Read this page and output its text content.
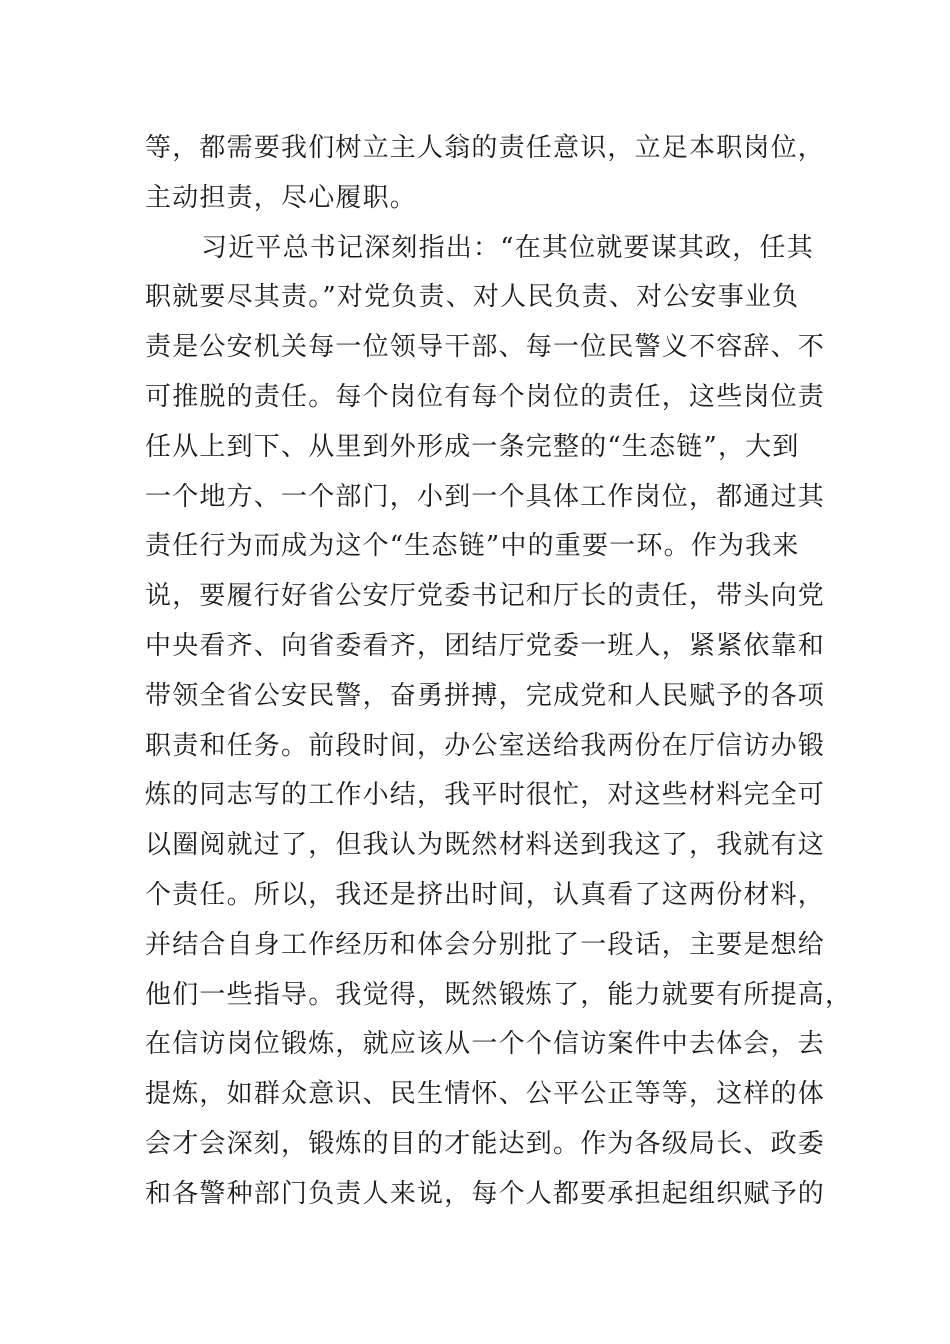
等，都需要我们树立主人翁的责任意识，立足本职岗位，
主动担责，尽心履职。
习近平总书记深刻指出：“在其位就要谋其政，任其
职就要尽其责。”对党负责、对人民负责、对公安事业负
责是公安机关每一位领导干部、每一位民警义不容辞、不
可推脱的责任。每个岗位有每个岗位的责任，这些岗位责
任从上到下、从里到外形成一条完整的“生态链”，大到
一个地方、一个部门，小到一个具体工作岗位，都通过其
责任行为而成为这个“生态链”中的重要一环。作为我来
说，要履行好省公安厅党委书记和厅长的责任，带头向党
中央看齐、向省委看齐，团结厅党委一班人，紧紧依靠和
带领全省公安民警，奋勇拼搏，完成党和人民赋予的各项
职责和任务。前段时间，办公室送给我两份在厅信访办锻
炼的同志写的工作小结，我平时很忙，对这些材料完全可
以圈阅就过了，但我认为既然材料送到我这了，我就有这
个责任。所以，我还是挤出时间，认真看了这两份材料，
并结合自身工作经历和体会分别批了一段话，主要是想给
他们一些指导。我觉得，既然锻炼了，能力就要有所提高，
在信访岗位锻炼，就应该从一个个信访案件中去体会，去
提炼，如群众意识、民生情怀、公平公正等等，这样的体
会才会深刻，锻炼的目的才能达到。作为各级局长、政委
和各警种部门负责人来说，每个人都要承担起组织赋予的
